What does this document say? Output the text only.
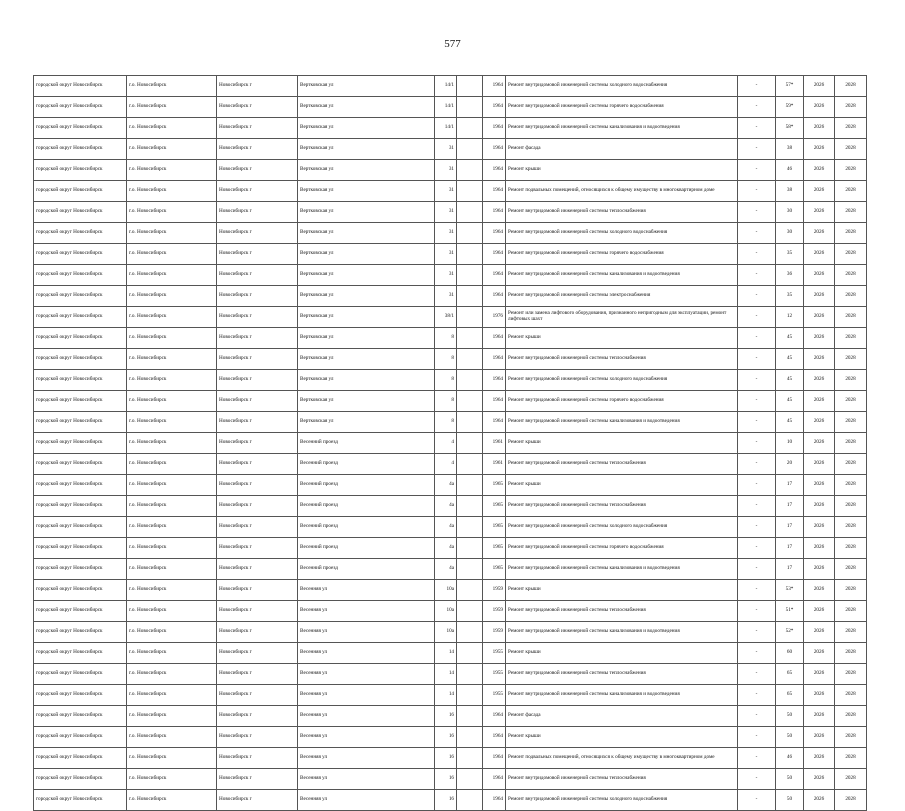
577
городской округ Новосибирск	г.о. Новосибирск	Новосибирск г	Вертковская ул	14/1		1964	Ремонт внутридомовой инженерной системы холодного водоснабжения	-	57*	2026	2028
городской округ Новосибирск	г.о. Новосибирск	Новосибирск г	Вертковская ул	14/1		1964	Ремонт внутридомовой инженерной системы горячего водоснабжения	-	59*	2026	2028
городской округ Новосибирск	г.о. Новосибирск	Новосибирск г	Вертковская ул	14/1		1964	Ремонт внутридомовой инженерной системы канализования и водоотведения	-	58*	2026	2028
городской округ Новосибирск	г.о. Новосибирск	Новосибирск г	Вертковская ул	31		1964	Ремонт фасада	-	38	2026	2028
городской округ Новосибирск	г.о. Новосибирск	Новосибирск г	Вертковская ул	31		1964	Ремонт крыши	-	46	2026	2028
городской округ Новосибирск	г.о. Новосибирск	Новосибирск г	Вертковская ул	31		1964	Ремонт подвальных помещений, относящихся к общему имуществу в многоквартирном доме	-	38	2026	2028
городской округ Новосибирск	г.о. Новосибирск	Новосибирск г	Вертковская ул	31		1964	Ремонт внутридомовой инженерной системы теплоснабжения	-	30	2026	2028
городской округ Новосибирск	г.о. Новосибирск	Новосибирск г	Вертковская ул	31		1964	Ремонт внутридомовой инженерной системы холодного водоснабжения	-	30	2026	2028
городской округ Новосибирск	г.о. Новосибирск	Новосибирск г	Вертковская ул	31		1964	Ремонт внутридомовой инженерной системы горячего водоснабжения	-	35	2026	2028
городской округ Новосибирск	г.о. Новосибирск	Новосибирск г	Вертковская ул	31		1964	Ремонт внутридомовой инженерной системы канализования и водоотведения	-	36	2026	2028
городской округ Новосибирск	г.о. Новосибирск	Новосибирск г	Вертковская ул	31		1964	Ремонт внутридомовой инженерной системы электроснабжения	-	35	2026	2028
городской округ Новосибирск	г.о. Новосибирск	Новосибирск г	Вертковская ул	38/1		1976	Ремонт или замена лифтового оборудования, признанного непригодным для эксплуатации, ремонт лифтовых шахт	-	12	2026	2028
городской округ Новосибирск	г.о. Новосибирск	Новосибирск г	Вертковская ул	8		1964	Ремонт крыши	-	45	2026	2028
городской округ Новосибирск	г.о. Новосибирск	Новосибирск г	Вертковская ул	8		1964	Ремонт внутридомовой инженерной системы теплоснабжения	-	45	2026	2028
городской округ Новосибирск	г.о. Новосибирск	Новосибирск г	Вертковская ул	8		1964	Ремонт внутридомовой инженерной системы холодного водоснабжения	-	45	2026	2028
городской округ Новосибирск	г.о. Новосибирск	Новосибирск г	Вертковская ул	8		1964	Ремонт внутридомовой инженерной системы горячего водоснабжения	-	45	2026	2028
городской округ Новосибирск	г.о. Новосибирск	Новосибирск г	Вертковская ул	8		1964	Ремонт внутридомовой инженерной системы канализования и водоотведения	-	45	2026	2028
городской округ Новосибирск	г.о. Новосибирск	Новосибирск г	Весенний проезд	4		1961	Ремонт крыши	-	10	2026	2028
городской округ Новосибирск	г.о. Новосибирск	Новосибирск г	Весенний проезд	4		1961	Ремонт внутридомовой инженерной системы теплоснабжения	-	20	2026	2028
городской округ Новосибирск	г.о. Новосибирск	Новосибирск г	Весенний проезд	4а		1965	Ремонт крыши	-	17	2026	2028
городской округ Новосибирск	г.о. Новосибирск	Новосибирск г	Весенний проезд	4а		1965	Ремонт внутридомовой инженерной системы теплоснабжения	-	17	2026	2028
городской округ Новосибирск	г.о. Новосибирск	Новосибирск г	Весенний проезд	4а		1965	Ремонт внутридомовой инженерной системы холодного водоснабжения	-	17	2026	2028
городской округ Новосибирск	г.о. Новосибирск	Новосибирск г	Весенний проезд	4а		1965	Ремонт внутридомовой инженерной системы горячего водоснабжения	-	17	2026	2028
городской округ Новосибирск	г.о. Новосибирск	Новосибирск г	Весенний проезд	4а		1965	Ремонт внутридомовой инженерной системы канализования и водоотведения	-	17	2026	2028
городской округ Новосибирск	г.о. Новосибирск	Новосибирск г	Весенняя ул	10а		1959	Ремонт крыши	-	53*	2026	2028
городской округ Новосибирск	г.о. Новосибирск	Новосибирск г	Весенняя ул	10а		1959	Ремонт внутридомовой инженерной системы теплоснабжения	-	51*	2026	2028
городской округ Новосибирск	г.о. Новосибирск	Новосибирск г	Весенняя ул	10а		1959	Ремонт внутридомовой инженерной системы канализования и водоотведения	-	52*	2026	2028
городской округ Новосибирск	г.о. Новосибирск	Новосибирск г	Весенняя ул	14		1955	Ремонт крыши	-	60	2026	2028
городской округ Новосибирск	г.о. Новосибирск	Новосибирск г	Весенняя ул	14		1955	Ремонт внутридомовой инженерной системы теплоснабжения	-	65	2026	2028
городской округ Новосибирск	г.о. Новосибирск	Новосибирск г	Весенняя ул	14		1955	Ремонт внутридомовой инженерной системы канализования и водоотведения	-	65	2026	2028
городской округ Новосибирск	г.о. Новосибирск	Новосибирск г	Весенняя ул	16		1964	Ремонт фасада	-	50	2026	2028
городской округ Новосибирск	г.о. Новосибирск	Новосибирск г	Весенняя ул	16		1964	Ремонт крыши	-	50	2026	2028
городской округ Новосибирск	г.о. Новосибирск	Новосибирск г	Весенняя ул	16		1964	Ремонт подвальных помещений, относящихся к общему имуществу в многоквартирном доме	-	46	2026	2028
городской округ Новосибирск	г.о. Новосибирск	Новосибирск г	Весенняя ул	16		1964	Ремонт внутридомовой инженерной системы теплоснабжения	-	50	2026	2028
городской округ Новосибирск	г.о. Новосибирск	Новосибирск г	Весенняя ул	16		1964	Ремонт внутридомовой инженерной системы холодного водоснабжения	-	50	2026	2028
